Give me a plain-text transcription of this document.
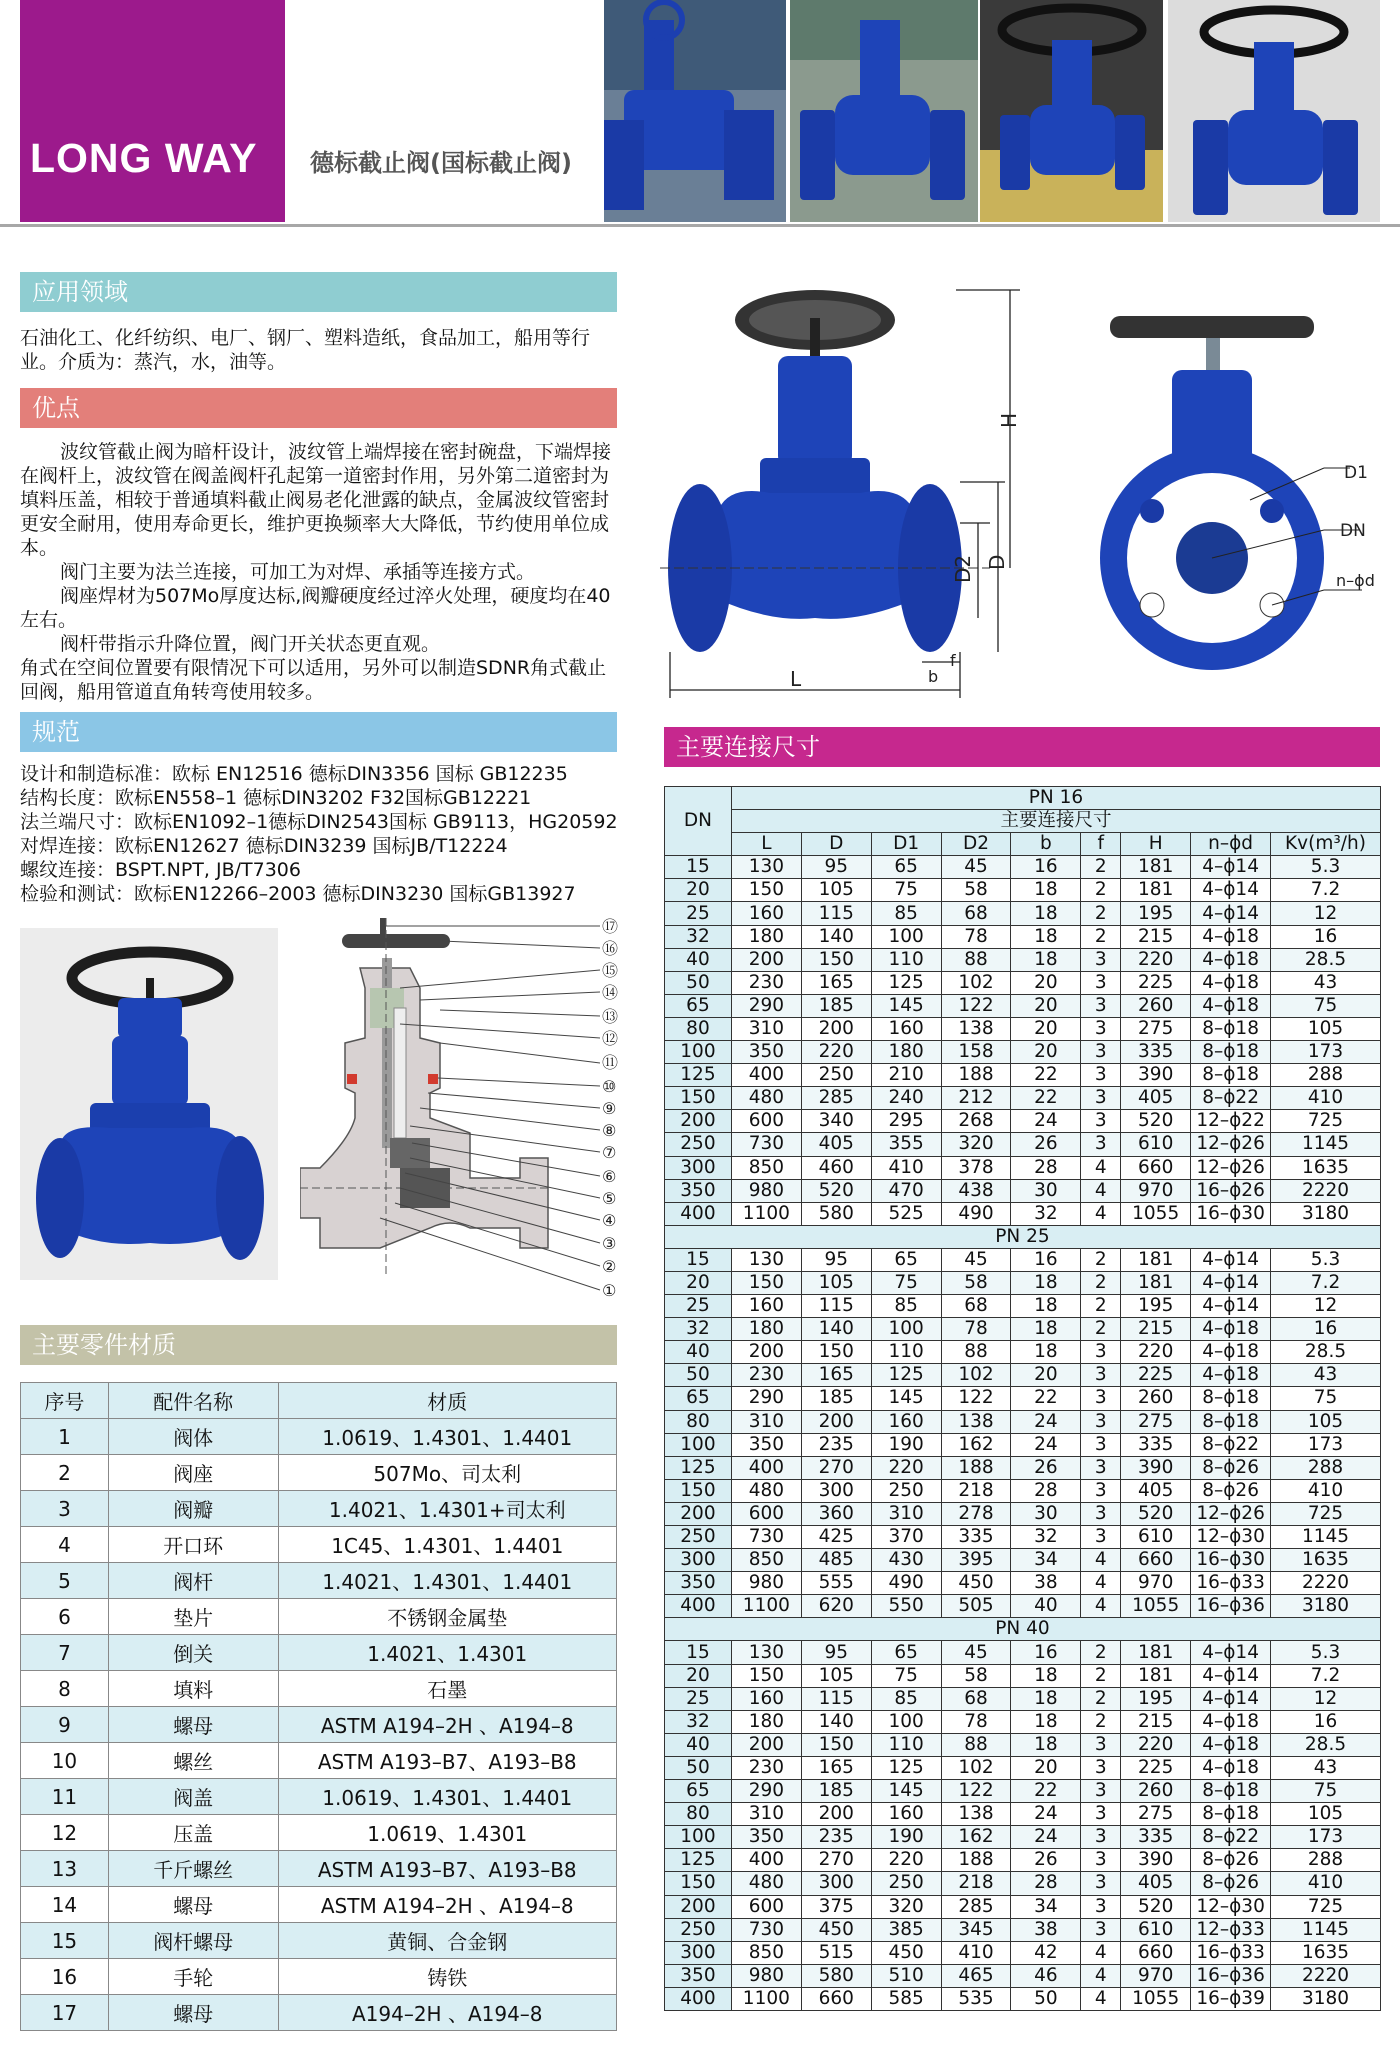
LONG WAY 德标截止阀(国标截止阀)
应用领域
石油化工、化纤纺织、电厂、钢厂、塑料造纸，食品加工，船用等行业。介质为：蒸汽，水，油等。
优点

波纹管截止阀为暗杆设计，波纹管上端焊接在密封碗盘，下端焊接在阀杆上，波纹管在阀盖阀杆孔起第一道密封作用，另外第二道密封为填料压盖，相较于普通填料截止阀易老化泄露的缺点，金属波纹管密封更安全耐用，使用寿命更长，维护更换频率大大降低，节约使用单位成本。

阀门主要为法兰连接，可加工为对焊、承插等连接方式。

阀座焊材为507Mo厚度达标,阀瓣硬度经过淬火处理，硬度均在40左右。

阀杆带指示升降位置，阀门开关状态更直观。

角式在空间位置要有限情况下可以适用，另外可以制造SDNR角式截止回阀，船用管道直角转弯使用较多。

规范

设计和制造标准：欧标 EN12516 德标DIN3356 国标 GB12235

结构长度：欧标EN558–1 德标DIN3202 F32国标GB12221

法兰端尺寸：欧标EN1092–1德标DIN2543国标 GB9113，HG20592

对焊连接：欧标EN12627 德标DIN3239 国标JB/T12224

螺纹连接：BSPT.NPT, JB/T7306

检验和测试：欧标EN12266–2003 德标DIN3230 国标GB13927

⑰
⑯
⑮
⑭
⑬
⑫
⑪
⑩
⑨
⑧
⑦
⑥
⑤
④
③
②
①
主要零件材质
序号	配件名称	材质
1	阀体	1.0619、1.4301、1.4401
2	阀座	507Mo、司太利
3	阀瓣	1.4021、1.4301+司太利
4	开口环	1C45、1.4301、1.4401
5	阀杆	1.4021、1.4301、1.4401
6	垫片	不锈钢金属垫
7	倒关	1.4021、1.4301
8	填料	石墨
9	螺母	ASTM A194–2H 、A194–8
10	螺丝	ASTM A193–B7、A193–B8
11	阀盖	1.0619、1.4301、1.4401
12	压盖	1.0619、1.4301
13	千斤螺丝	ASTM A193–B7、A193–B8
14	螺母	ASTM A194–2H 、A194–8
15	阀杆螺母	黄铜、合金钢
16	手轮	铸铁
17	螺母	A194–2H 、A194–8
H
D
D2
L	b
f
D1
DN
n–ϕd
主要连接尺寸
DN	PN 16								
	主要连接尺寸								
	L	D	D1	D2	b	f	H	n–ϕd	Kv(m³/h)
15	130	95	65	45	16	2	181	4–ϕ14	5.3
20	150	105	75	58	18	2	181	4–ϕ14	7.2
25	160	115	85	68	18	2	195	4–ϕ14	12
32	180	140	100	78	18	2	215	4–ϕ18	16
40	200	150	110	88	18	3	220	4–ϕ18	28.5
50	230	165	125	102	20	3	225	4–ϕ18	43
65	290	185	145	122	20	3	260	4–ϕ18	75
80	310	200	160	138	20	3	275	8–ϕ18	105
100	350	220	180	158	20	3	335	8–ϕ18	173
125	400	250	210	188	22	3	390	8–ϕ18	288
150	480	285	240	212	22	3	405	8–ϕ22	410
200	600	340	295	268	24	3	520	12–ϕ22	725
250	730	405	355	320	26	3	610	12–ϕ26	1145
300	850	460	410	378	28	4	660	12–ϕ26	1635
350	980	520	470	438	30	4	970	16–ϕ26	2220
400	1100	580	525	490	32	4	1055	16–ϕ30	3180
PN 25									
15	130	95	65	45	16	2	181	4–ϕ14	5.3
20	150	105	75	58	18	2	181	4–ϕ14	7.2
25	160	115	85	68	18	2	195	4–ϕ14	12
32	180	140	100	78	18	2	215	4–ϕ18	16
40	200	150	110	88	18	3	220	4–ϕ18	28.5
50	230	165	125	102	20	3	225	4–ϕ18	43
65	290	185	145	122	22	3	260	8–ϕ18	75
80	310	200	160	138	24	3	275	8–ϕ18	105
100	350	235	190	162	24	3	335	8–ϕ22	173
125	400	270	220	188	26	3	390	8–ϕ26	288
150	480	300	250	218	28	3	405	8–ϕ26	410
200	600	360	310	278	30	3	520	12–ϕ26	725
250	730	425	370	335	32	3	610	12–ϕ30	1145
300	850	485	430	395	34	4	660	16–ϕ30	1635
350	980	555	490	450	38	4	970	16–ϕ33	2220
400	1100	620	550	505	40	4	1055	16–ϕ36	3180
PN 40									
15	130	95	65	45	16	2	181	4–ϕ14	5.3
20	150	105	75	58	18	2	181	4–ϕ14	7.2
25	160	115	85	68	18	2	195	4–ϕ14	12
32	180	140	100	78	18	2	215	4–ϕ18	16
40	200	150	110	88	18	3	220	4–ϕ18	28.5
50	230	165	125	102	20	3	225	4–ϕ18	43
65	290	185	145	122	22	3	260	8–ϕ18	75
80	310	200	160	138	24	3	275	8–ϕ18	105
100	350	235	190	162	24	3	335	8–ϕ22	173
125	400	270	220	188	26	3	390	8–ϕ26	288
150	480	300	250	218	28	3	405	8–ϕ26	410
200	600	375	320	285	34	3	520	12–ϕ30	725
250	730	450	385	345	38	3	610	12–ϕ33	1145
300	850	515	450	410	42	4	660	16–ϕ33	1635
350	980	580	510	465	46	4	970	16–ϕ36	2220
400	1100	660	585	535	50	4	1055	16–ϕ39	3180
